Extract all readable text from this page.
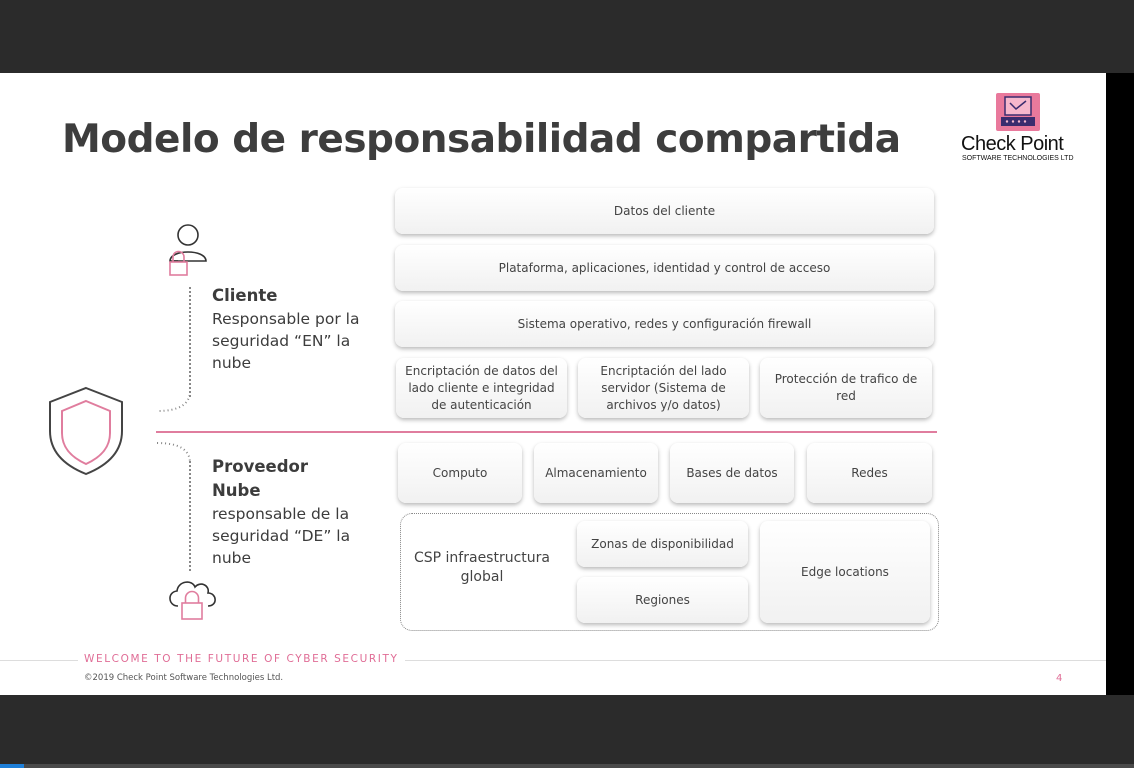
Modelo de responsabilidad compartida	Check Point
SOFTWARE TECHNOLOGIES LTD
Cliente
Responsable por la
seguridad “EN” la
nube
Proveedor
Nube
responsable de la
seguridad “DE” la
nube
Datos del cliente
Plataforma, aplicaciones, identidad y control de acceso
Sistema operativo, redes y configuración firewall
Encriptación de datos del lado cliente e integridad de autenticación
Encriptación del lado servidor (Sistema de archivos y/o datos)
Protección de trafico de red
Computo	Almacenamiento	Bases de datos	Redes
CSP infraestructura global
Zonas de disponibilidad
Regiones
Edge locations
WELCOME TO THE FUTURE OF CYBER SECURITY
©2019 Check Point Software Technologies Ltd.	4
